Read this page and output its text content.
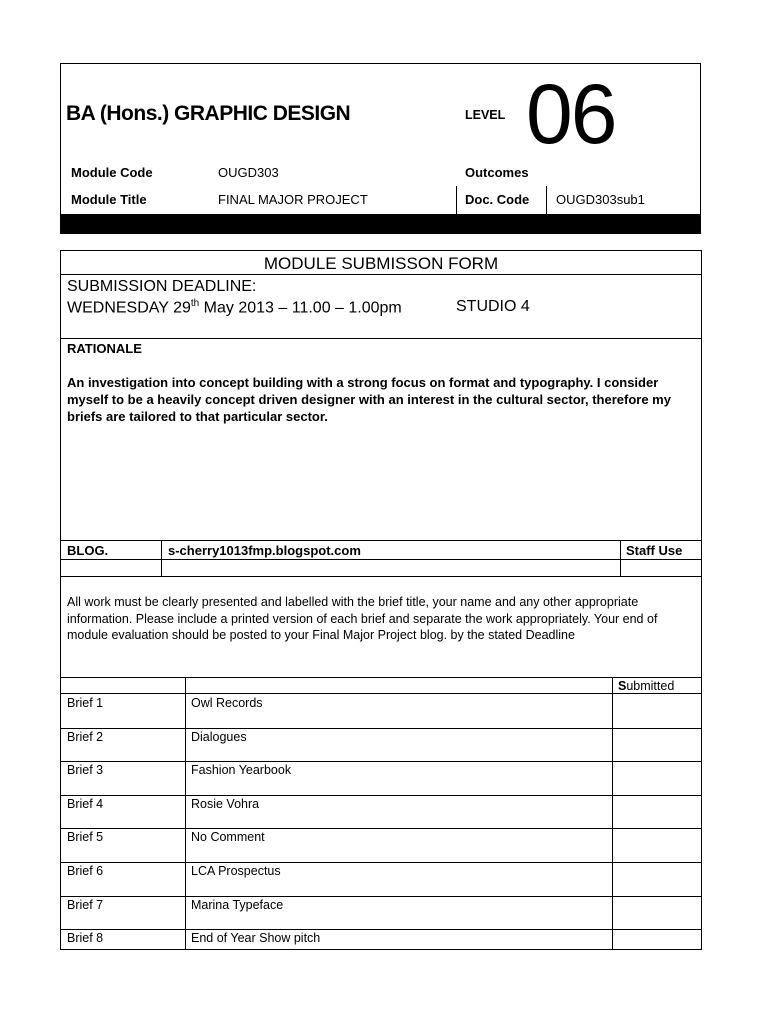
BA (Hons.) GRAPHIC DESIGN	LEVEL 06
Module Code	OUGD303	Outcomes
Module Title	FINAL MAJOR PROJECT	Doc. Code OUGD303sub1
MODULE SUBMISSON FORM
SUBMISSION DEADLINE:
WEDNESDAY 29th May 2013 – 11.00 – 1.00pm	STUDIO 4
RATIONALE
An investigation into concept building with a strong focus on format and typography. I consider myself to be a heavily concept driven designer with an interest in the cultural sector, therefore my briefs are tailored to that particular sector.
BLOG.	s-cherry1013fmp.blogspot.com	Staff Use
All work must be clearly presented and labelled with the brief title, your name and any other appropriate information. Please include a printed version of each brief and separate the work appropriately. Your end of module evaluation should be posted to your Final Major Project blog. by the stated Deadline
Submitted
Brief 1	Owl Records
Brief 2	Dialogues
Brief 3	Fashion Yearbook
Brief 4	Rosie Vohra
Brief 5	No Comment
Brief 6	LCA Prospectus
Brief 7	Marina Typeface
Brief 8	End of Year Show pitch
